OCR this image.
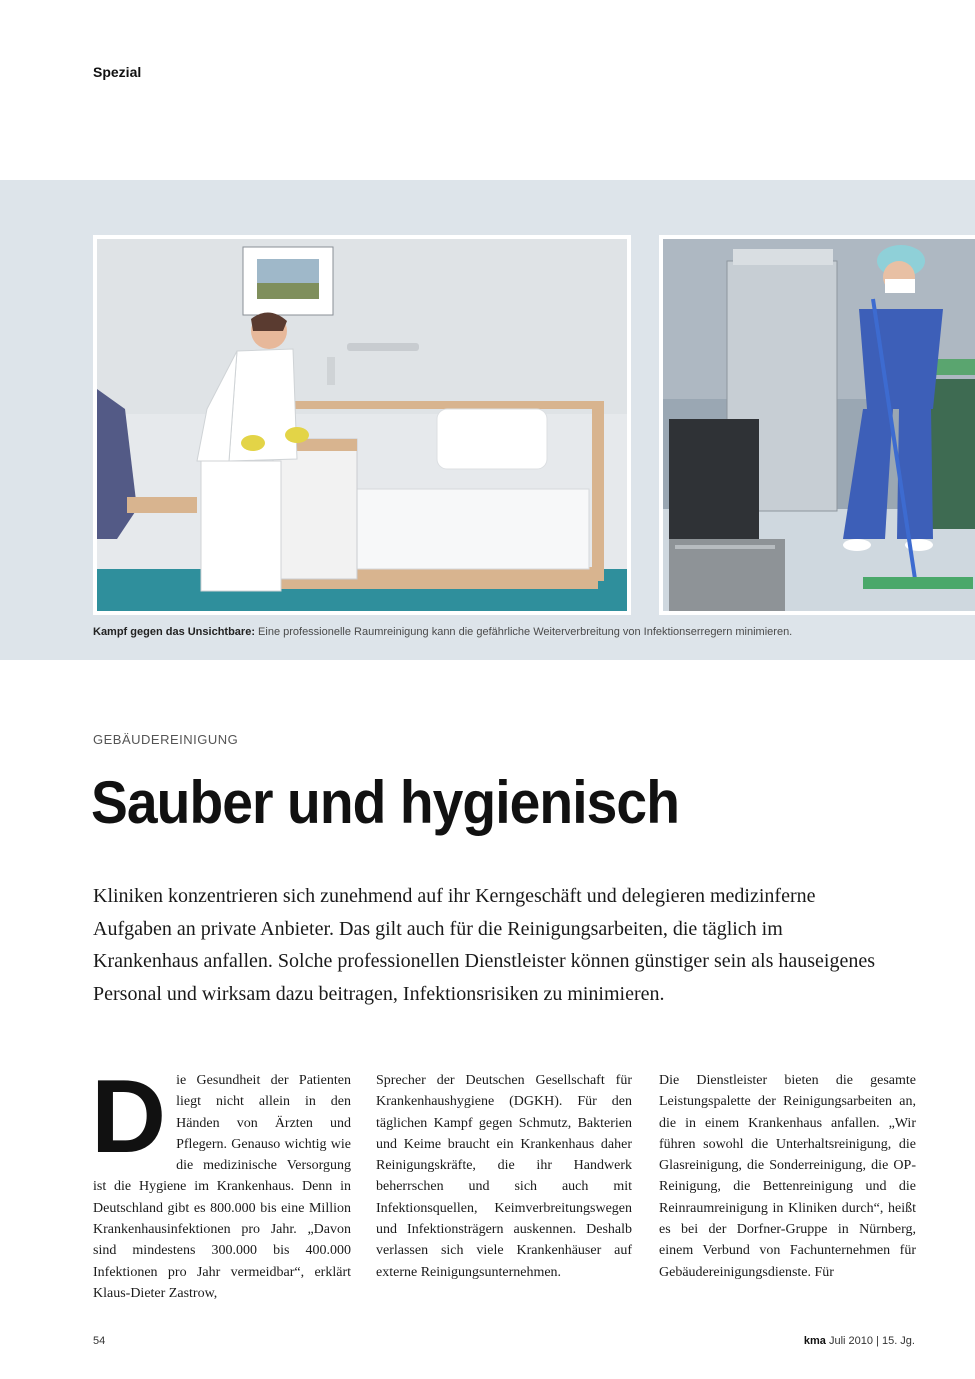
Spezial
Kampf gegen das Unsichtbare: Eine professionelle Raumreinigung kann die gefährliche Weiterverbreitung von Infektionserregern minimieren.
GEBÄUDEREINIGUNG
Sauber und hygienisch
Kliniken konzentrieren sich zunehmend auf ihr Kerngeschäft und delegieren medizinferne Aufgaben an private Anbieter. Das gilt auch für die Reinigungsarbeiten, die täglich im Krankenhaus anfallen. Solche professionellen Dienstleister können günstiger sein als hauseigenes Personal und wirksam dazu beitragen, Infektionsrisiken zu minimieren.
Die Gesundheit der Patienten liegt nicht allein in den Händen von Ärzten und Pflegern. Genauso wichtig wie die medizinische Versorgung ist die Hygiene im Krankenhaus. Denn in Deutschland gibt es 800.000 bis eine Million Krankenhausinfektionen pro Jahr. „Davon sind mindestens 300.000 bis 400.000 Infektionen pro Jahr vermeidbar“, erklärt Klaus-Dieter Zastrow,
Sprecher der Deutschen Gesellschaft für Krankenhaushygiene (DGKH). Für den täglichen Kampf gegen Schmutz, Bakterien und Keime braucht ein Krankenhaus daher Reinigungskräfte, die ihr Handwerk beherrschen und sich auch mit Infektionsquellen, Keimverbreitungswegen und Infektionsträgern auskennen. Deshalb verlassen sich viele Krankenhäuser auf externe Reinigungsunternehmen.
Die Dienstleister bieten die gesamte Leistungspalette der Reinigungsarbeiten an, die in einem Krankenhaus anfallen. „Wir führen sowohl die Unterhaltsreinigung, die Glasreinigung, die Sonderreinigung, die OP-Reinigung, die Bettenreinigung und die Reinraumreinigung in Kliniken durch“, heißt es bei der Dorfner-Gruppe in Nürnberg, einem Verbund von Fachunternehmen für Gebäudereinigungsdienste. Für
54	kma Juli 2010 | 15. Jg.
